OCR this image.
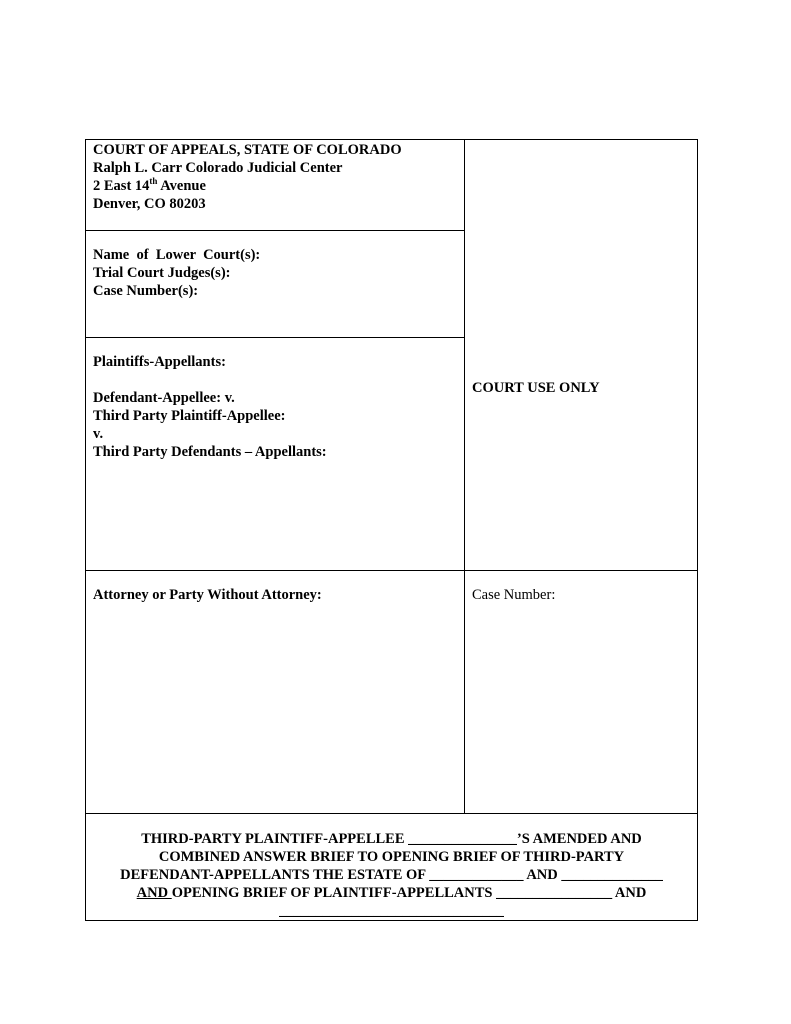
COURT OF APPEALS, STATE OF COLORADO
Ralph L. Carr Colorado Judicial Center
2 East 14th Avenue
Denver, CO 80203
Name  of  Lower  Court(s):
Trial Court Judges(s):
Case Number(s):
Plaintiffs-Appellants:

Defendant-Appellee: v.
Third Party Plaintiff-Appellee:
v.
Third Party Defendants – Appellants:
COURT USE ONLY
Attorney or Party Without Attorney:	Case Number:
THIRD-PARTY PLAINTIFF-APPELLEE _______________’S AMENDED AND
COMBINED ANSWER BRIEF TO OPENING BRIEF OF THIRD-PARTY
DEFENDANT-APPELLANTS THE ESTATE OF _____________ AND ______________
AND OPENING BRIEF OF PLAINTIFF-APPELLANTS ________________ AND
_______________________________
